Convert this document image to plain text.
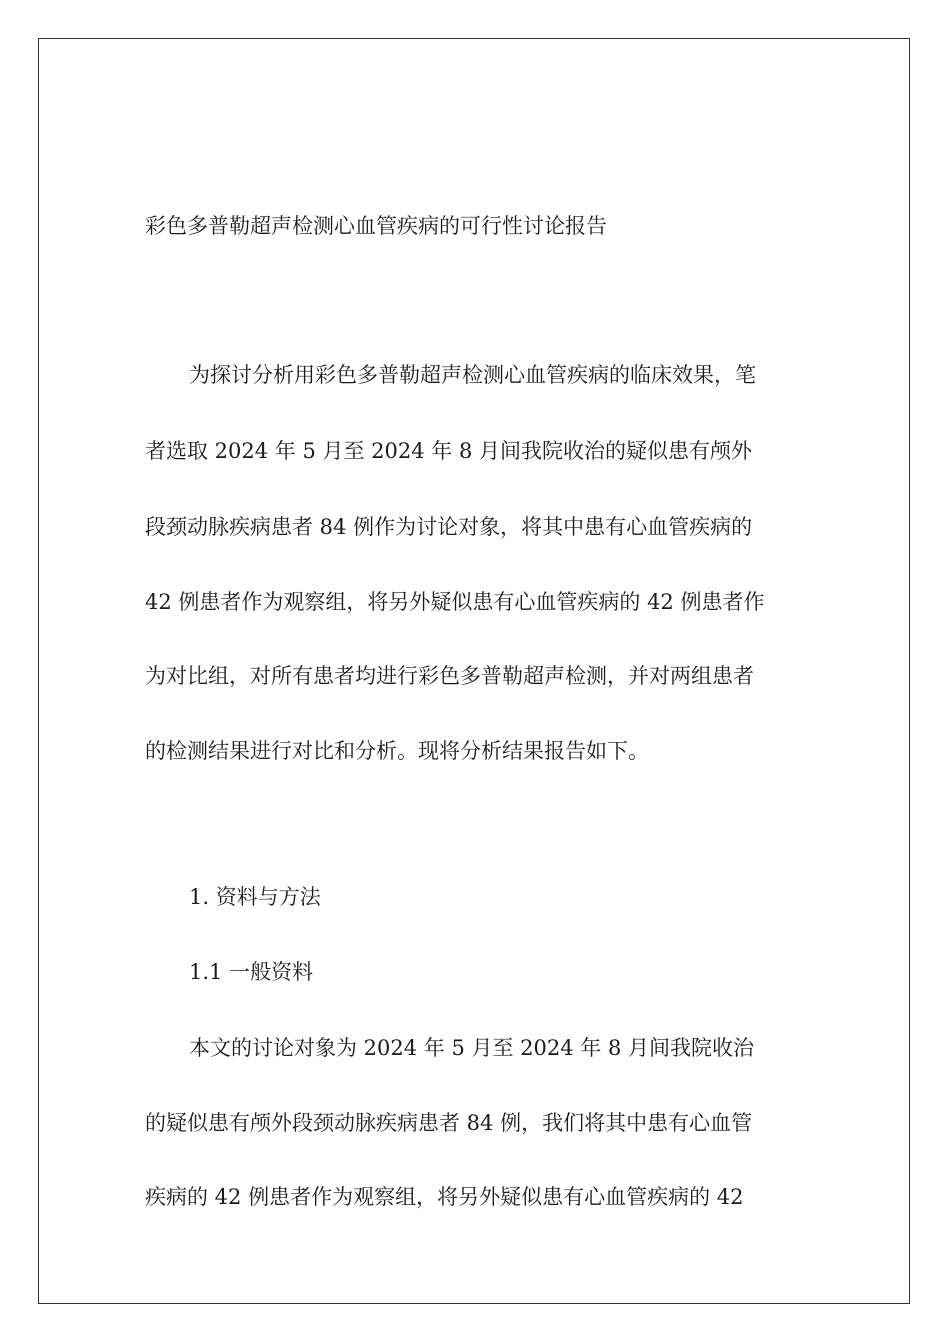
彩色多普勒超声检测心血管疾病的可行性讨论报告
为探讨分析用彩色多普勒超声检测心血管疾病的临床效果，笔
者选取 2024 年 5 月至 2024 年 8 月间我院收治的疑似患有颅外
段颈动脉疾病患者 84 例作为讨论对象，将其中患有心血管疾病的
42 例患者作为观察组，将另外疑似患有心血管疾病的 42 例患者作
为对比组，对所有患者均进行彩色多普勒超声检测，并对两组患者
的检测结果进行对比和分析。现将分析结果报告如下。
1. 资料与方法
1.1 一般资料
本文的讨论对象为 2024 年 5 月至 2024 年 8 月间我院收治
的疑似患有颅外段颈动脉疾病患者 84 例，我们将其中患有心血管
疾病的 42 例患者作为观察组，将另外疑似患有心血管疾病的 42
